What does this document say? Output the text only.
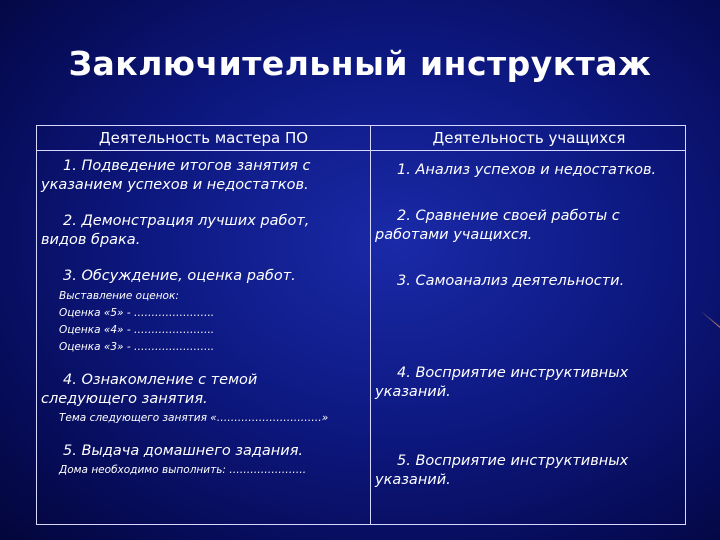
Заключительный инструктаж
Деятельность мастера ПО	Деятельность учащихся
1. Подведение итогов занятия с
указанием успехов и недостатков.
2. Демонстрация лучших работ,
видов брака.
3. Обсуждение, оценка работ.
Выставление оценок:
Оценка «5» - …………………..
Оценка «4» - …………………..
Оценка «3» - …………………..
4. Ознакомление с темой
следующего занятия.
Тема следующего занятия «…………………………»
5. Выдача домашнего задания.
Дома необходимо выполнить: ………………….
1. Анализ успехов и недостатков.
2. Сравнение своей работы с
работами учащихся.
3. Самоанализ деятельности.
4. Восприятие инструктивных
указаний.
5. Восприятие инструктивных
указаний.
